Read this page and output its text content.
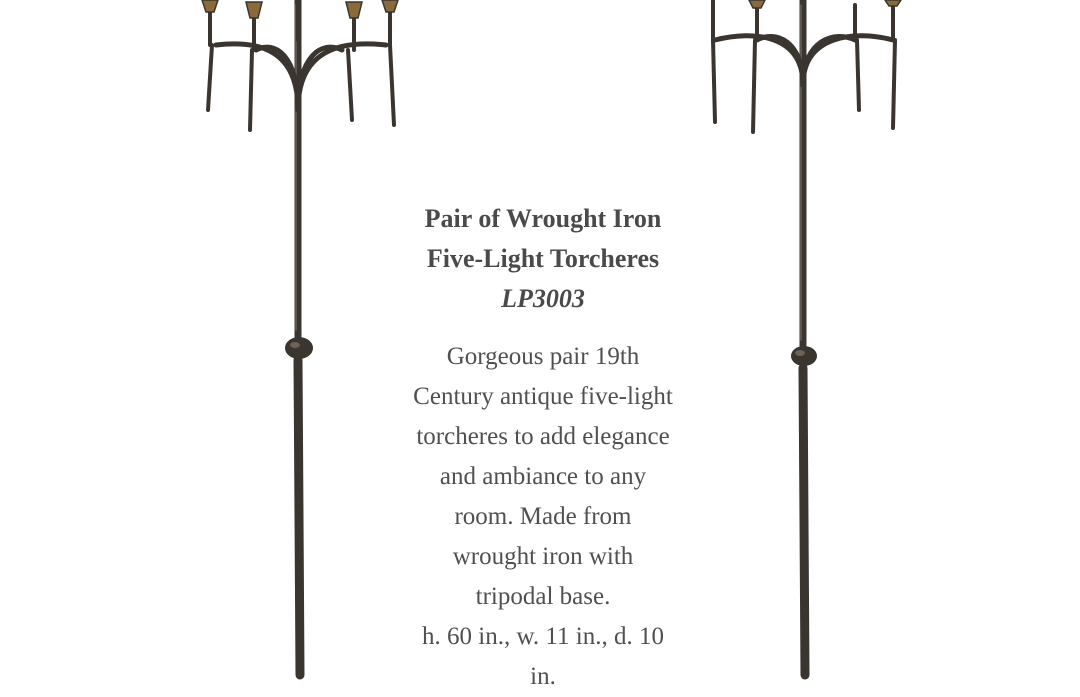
Pair of Wrought Iron
Five-Light Torcheres
LP3003

Gorgeous pair 19th
Century antique five-light
torcheres to add elegance
and ambiance to any
room. Made from
wrought iron with
tripodal base.
h. 60 in., w. 11 in., d. 10
in.
